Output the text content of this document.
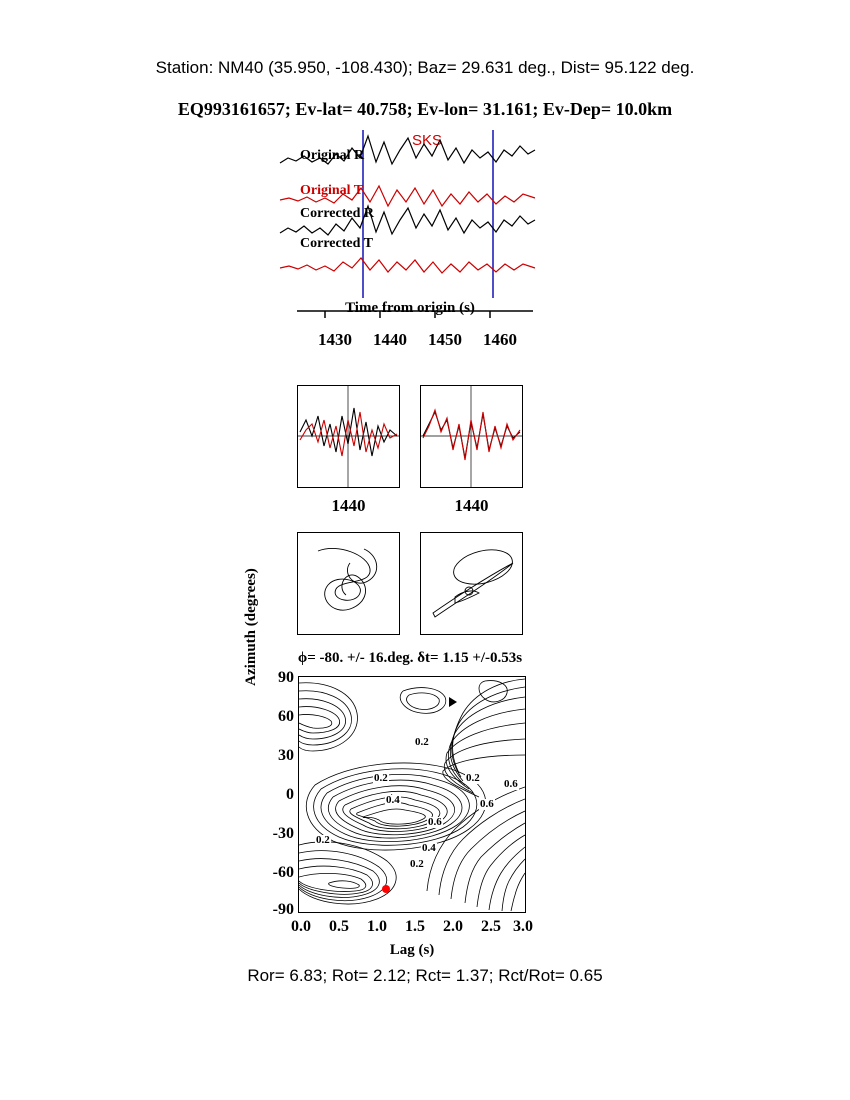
Station: NM40 (35.950, -108.430); Baz= 29.631 deg., Dist= 95.122 deg.
EQ993161657; Ev-lat= 40.758; Ev-lon= 31.161; Ev-Dep= 10.0km
SKS
Original R
Original T
Corrected R
Corrected T
Time from origin (s)
1430 1440 1450 1460
1440	1440
ϕ= -80. +/- 16.deg. δt= 1.15 +/-0.53s
Azimuth (degrees) 90
60
30
0
-30
-60
-90
0.2
0.2	0.2
0.2
0.2
0.4
0.4
0.6
0.6
0.6
0.0 0.5 1.0 1.5 2.0 2.5 3.0
Lag (s)
Ror= 6.83; Rot= 2.12; Rct= 1.37; Rct/Rot= 0.65
